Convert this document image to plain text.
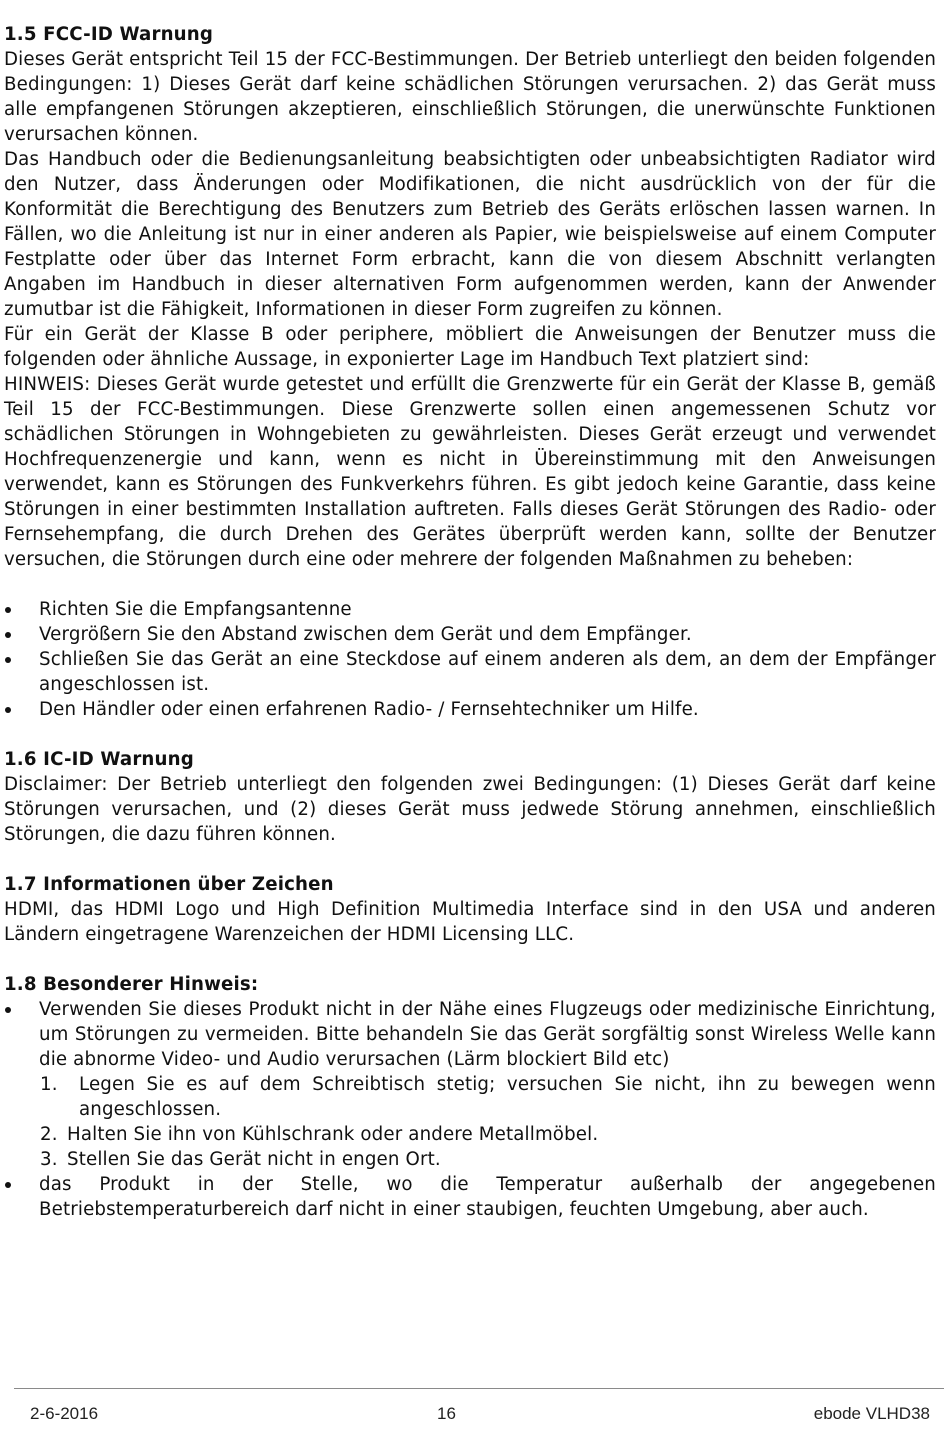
1.5 FCC-ID Warnung

Dieses Gerät entspricht Teil 15 der FCC-Bestimmungen. Der Betrieb unterliegt den beiden folgenden Bedingungen: 1) Dieses Gerät darf keine schädlichen Störungen verursachen. 2) das Gerät muss alle empfangenen Störungen akzeptieren, einschließlich Störungen, die unerwünschte Funktionen verursachen können.

Das Handbuch oder die Bedienungsanleitung beabsichtigten oder unbeabsichtigten Radiator wird den Nutzer, dass Änderungen oder Modifikationen, die nicht ausdrücklich von der für die Konformität die Berechtigung des Benutzers zum Betrieb des Geräts erlöschen lassen warnen. In Fällen, wo die Anleitung ist nur in einer anderen als Papier, wie beispielsweise auf einem Computer Festplatte oder über das Internet Form erbracht, kann die von diesem Abschnitt verlangten Angaben im Handbuch in dieser alternativen Form aufgenommen werden, kann der Anwender zumutbar ist die Fähigkeit, Informationen in dieser Form zugreifen zu können.

Für ein Gerät der Klasse B oder periphere, möbliert die Anweisungen der Benutzer muss die folgenden oder ähnliche Aussage, in exponierter Lage im Handbuch Text platziert sind:

HINWEIS: Dieses Gerät wurde getestet und erfüllt die Grenzwerte für ein Gerät der Klasse B, gemäß Teil 15 der FCC-Bestimmungen. Diese Grenzwerte sollen einen angemessenen Schutz vor schädlichen Störungen in Wohngebieten zu gewährleisten. Dieses Gerät erzeugt und verwendet Hochfrequenzenergie und kann, wenn es nicht in Übereinstimmung mit den Anweisungen verwendet, kann es Störungen des Funkverkehrs führen. Es gibt jedoch keine Garantie, dass keine Störungen in einer bestimmten Installation auftreten. Falls dieses Gerät Störungen des Radio- oder Fernsehempfang, die durch Drehen des Gerätes überprüft werden kann, sollte der Benutzer versuchen, die Störungen durch eine oder mehrere der folgenden Maßnahmen zu beheben:

Richten Sie die Empfangsantenne
Vergrößern Sie den Abstand zwischen dem Gerät und dem Empfänger.
Schließen Sie das Gerät an eine Steckdose auf einem anderen als dem, an dem der Empfänger angeschlossen ist.
Den Händler oder einen erfahrenen Radio- / Fernsehtechniker um Hilfe.

1.6 IC-ID Warnung

Disclaimer: Der Betrieb unterliegt den folgenden zwei Bedingungen: (1) Dieses Gerät darf keine Störungen verursachen, und (2) dieses Gerät muss jedwede Störung annehmen, einschließlich Störungen, die dazu führen können.

1.7 Informationen über Zeichen

HDMI, das HDMI Logo und High Definition Multimedia Interface sind in den USA und anderen Ländern eingetragene Warenzeichen der HDMI Licensing LLC.

1.8 Besonderer Hinweis:

Verwenden Sie dieses Produkt nicht in der Nähe eines Flugzeugs oder medizinische Einrichtung, um Störungen zu vermeiden. Bitte behandeln Sie das Gerät sorgfältig sonst Wireless Welle kann die abnorme Video- und Audio verursachen (Lärm blockiert Bild etc)
1. Legen Sie es auf dem Schreibtisch stetig; versuchen Sie nicht, ihn zu bewegen wenn angeschlossen.
2. Halten Sie ihn von Kühlschrank oder andere Metallmöbel.
3. Stellen Sie das Gerät nicht in engen Ort.
das Produkt in der Stelle, wo die Temperatur außerhalb der angegebenen Betriebstemperaturbereich darf nicht in einer staubigen, feuchten Umgebung, aber auch.
2-6-2016	16	ebode VLHD38
